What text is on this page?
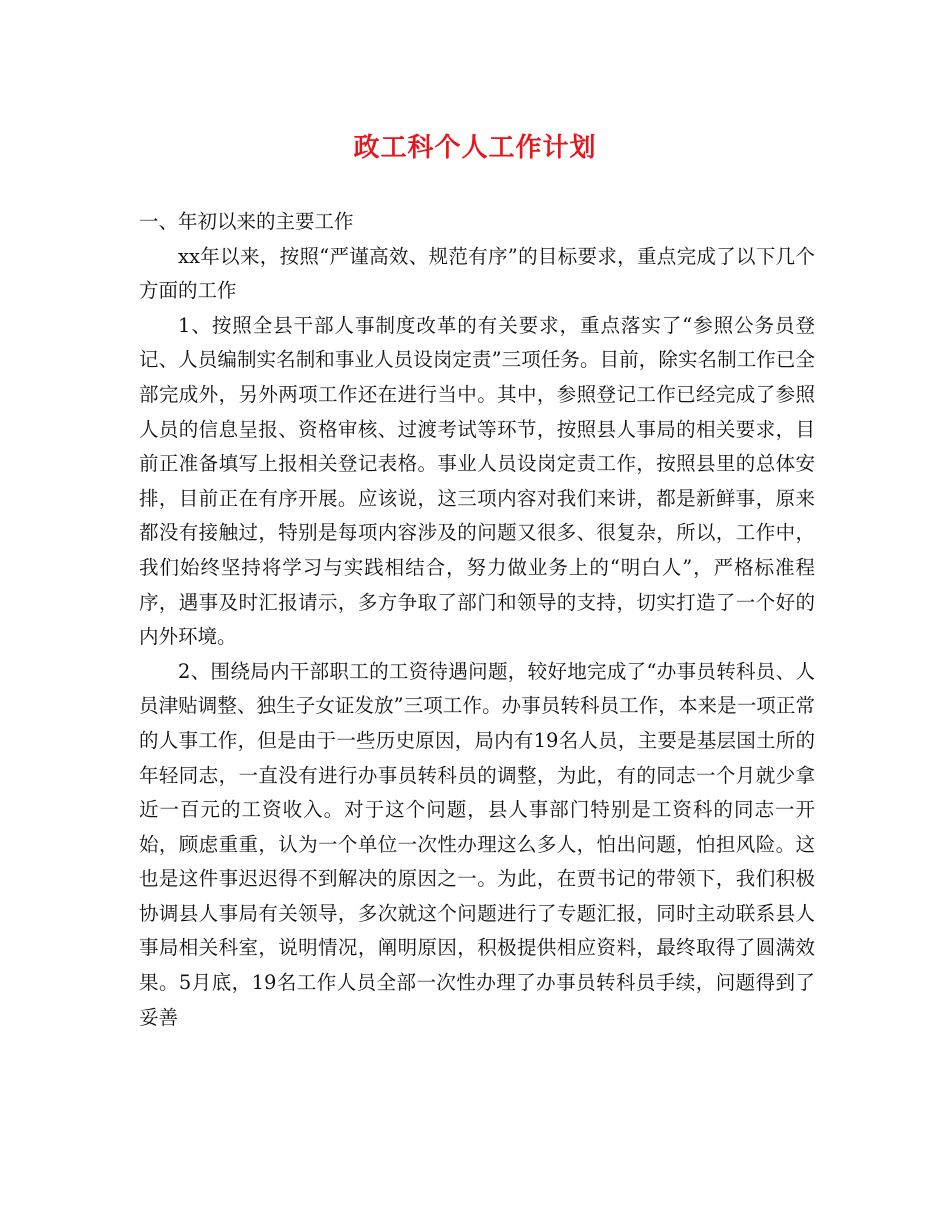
政工科个人工作计划

一、年初以来的主要工作

xx年以来，按照“严谨高效、规范有序”的目标要求，重点完成了以下几个方面的工作

1、按照全县干部人事制度改革的有关要求，重点落实了“参照公务员登记、人员编制实名制和事业人员设岗定责”三项任务。目前，除实名制工作已全部完成外，另外两项工作还在进行当中。其中，参照登记工作已经完成了参照人员的信息呈报、资格审核、过渡考试等环节，按照县人事局的相关要求，目前正准备填写上报相关登记表格。事业人员设岗定责工作，按照县里的总体安排，目前正在有序开展。应该说，这三项内容对我们来讲，都是新鲜事，原来都没有接触过，特别是每项内容涉及的问题又很多、很复杂，所以，工作中，我们始终坚持将学习与实践相结合，努力做业务上的“明白人”，严格标准程序，遇事及时汇报请示，多方争取了部门和领导的支持，切实打造了一个好的内外环境。

2、围绕局内干部职工的工资待遇问题，较好地完成了“办事员转科员、人员津贴调整、独生子女证发放”三项工作。办事员转科员工作，本来是一项正常的人事工作，但是由于一些历史原因，局内有19名人员，主要是基层国土所的年轻同志，一直没有进行办事员转科员的调整，为此，有的同志一个月就少拿近一百元的工资收入。对于这个问题，县人事部门特别是工资科的同志一开始，顾虑重重，认为一个单位一次性办理这么多人，怕出问题，怕担风险。这也是这件事迟迟得不到解决的原因之一。为此，在贾书记的带领下，我们积极协调县人事局有关领导，多次就这个问题进行了专题汇报，同时主动联系县人事局相关科室，说明情况，阐明原因，积极提供相应资料，最终取得了圆满效果。5月底，19名工作人员全部一次性办理了办事员转科员手续，问题得到了妥善
